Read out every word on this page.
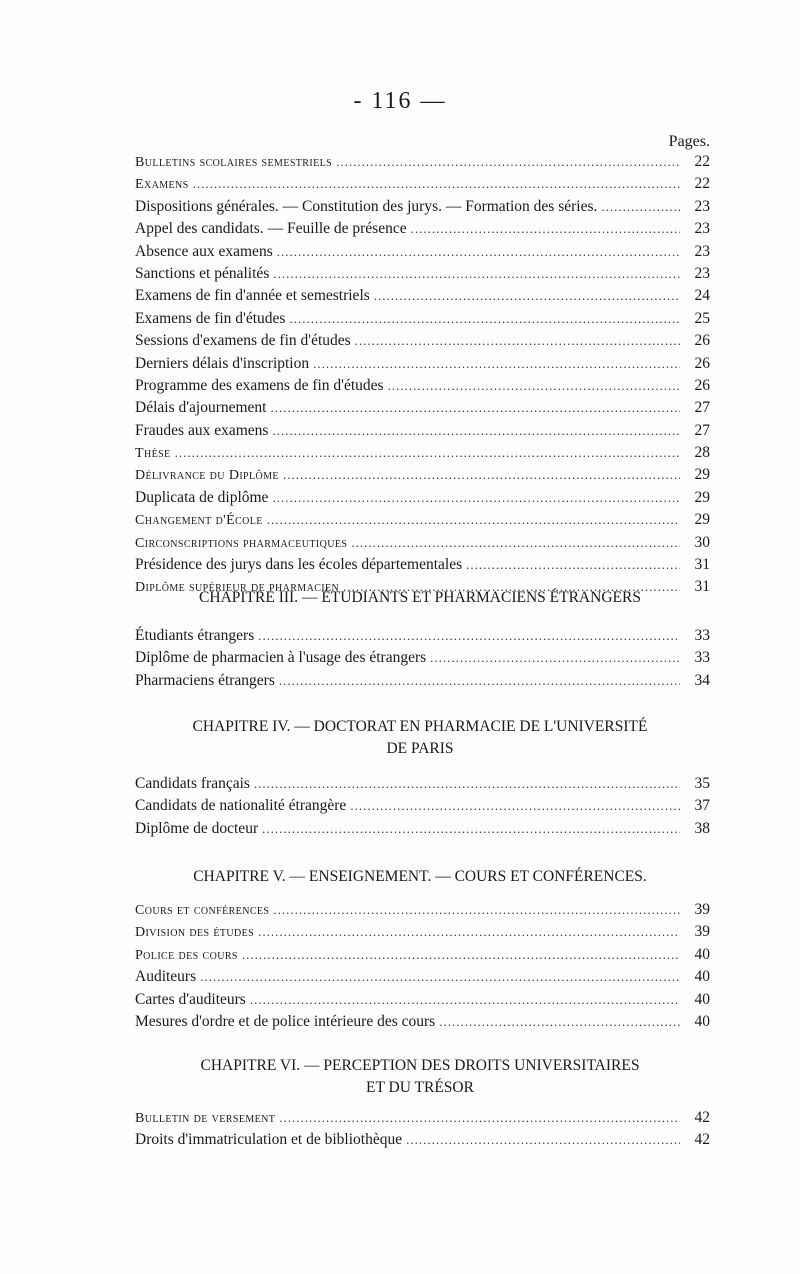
- 116 —
Pages.
Bulletins scolaires semestriels .....	22
Examens .....	22
Dispositions générales. — Constitution des jurys. — Formation des séries. .....	23
Appel des candidats. — Feuille de présence .....	23
Absence aux examens .....	23
Sanctions et pénalités .....	23
Examens de fin d'année et semestriels .....	24
Examens de fin d'études .....	25
Sessions d'examens de fin d'études .....	26
Derniers délais d'inscription .....	26
Programme des examens de fin d'études .....	26
Délais d'ajournement .....	27
Fraudes aux examens .....	27
Thèse .....	28
Délivrance du Diplôme .....	29
Duplicata de diplôme .....	29
Changement d'École .....	29
Circonscriptions pharmaceutiques .....	30
Présidence des jurys dans les écoles départementales .....	31
Diplôme supérieur de pharmacien .....	31
CHAPITRE III. — ÉTUDIANTS ET PHARMACIENS ÉTRANGERS
Étudiants étrangers .....	33
Diplôme de pharmacien à l'usage des étrangers .....	33
Pharmaciens étrangers .....	34
CHAPITRE IV. — DOCTORAT EN PHARMACIE DE L'UNIVERSITÉ
DE PARIS
Candidats français .....	35
Candidats de nationalité étrangère .....	37
Diplôme de docteur .....	38
CHAPITRE V. — ENSEIGNEMENT. — COURS ET CONFÉRENCES.
Cours et conférences .....	39
Division des études .....	39
Police des cours .....	40
Auditeurs .....	40
Cartes d'auditeurs .....	40
Mesures d'ordre et de police intérieure des cours .....	40
CHAPITRE VI. — PERCEPTION DES DROITS UNIVERSITAIRES
ET DU TRÉSOR
Bulletin de versement .....	42
Droits d'immatriculation et de bibliothèque .....	42
